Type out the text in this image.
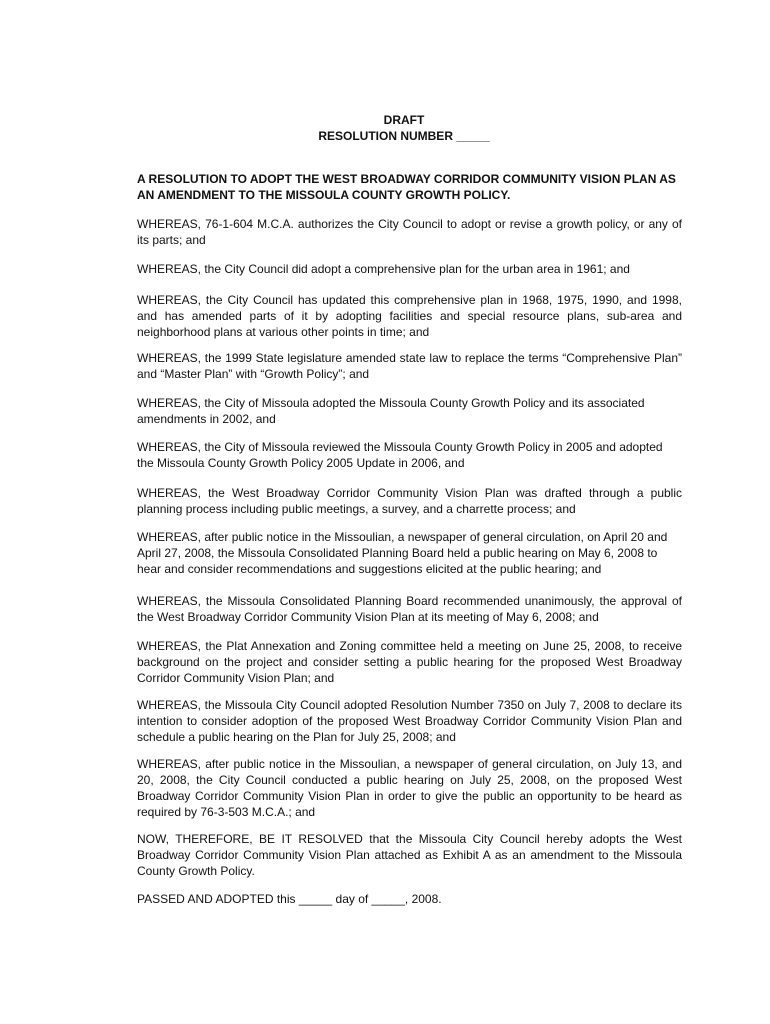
DRAFT
RESOLUTION NUMBER _____
A RESOLUTION TO ADOPT THE WEST BROADWAY CORRIDOR COMMUNITY VISION PLAN AS AN AMENDMENT TO THE MISSOULA COUNTY GROWTH POLICY.
WHEREAS, 76-1-604 M.C.A. authorizes the City Council to adopt or revise a growth policy, or any of its parts; and
WHEREAS, the City Council did adopt a comprehensive plan for the urban area in 1961; and
WHEREAS, the City Council has updated this comprehensive plan in 1968, 1975, 1990, and 1998, and has amended parts of it by adopting facilities and special resource plans, sub-area and neighborhood plans at various other points in time; and
WHEREAS, the 1999 State legislature amended state law to replace the terms “Comprehensive Plan” and “Master Plan” with “Growth Policy”; and
WHEREAS, the City of Missoula adopted the Missoula County Growth Policy and its associated amendments in 2002, and
WHEREAS, the City of Missoula reviewed the Missoula County Growth Policy in 2005 and adopted the Missoula County Growth Policy 2005 Update in 2006, and
WHEREAS, the West Broadway Corridor Community Vision Plan was drafted through a public planning process including public meetings, a survey, and a charrette process; and
WHEREAS, after public notice in the Missoulian, a newspaper of general circulation, on April 20 and April 27, 2008, the Missoula Consolidated Planning Board held a public hearing on May 6, 2008 to hear and consider recommendations and suggestions elicited at the public hearing; and
WHEREAS, the Missoula Consolidated Planning Board recommended unanimously, the approval of the West Broadway Corridor Community Vision Plan at its meeting of May 6, 2008; and
WHEREAS, the Plat Annexation and Zoning committee held a meeting on June 25, 2008, to receive background on the project and consider setting a public hearing for the proposed West Broadway Corridor Community Vision Plan; and
WHEREAS, the Missoula City Council adopted Resolution Number 7350 on July 7, 2008 to declare its intention to consider adoption of the proposed West Broadway Corridor Community Vision Plan and schedule a public hearing on the Plan for July 25, 2008; and
WHEREAS, after public notice in the Missoulian, a newspaper of general circulation, on July 13, and 20, 2008, the City Council conducted a public hearing on July 25, 2008, on the proposed West Broadway Corridor Community Vision Plan in order to give the public an opportunity to be heard as required by 76-3-503 M.C.A.; and
NOW, THEREFORE, BE IT RESOLVED that the Missoula City Council hereby adopts the West Broadway Corridor Community Vision Plan attached as Exhibit A as an amendment to the Missoula County Growth Policy.
PASSED AND ADOPTED this _____ day of _____, 2008.
